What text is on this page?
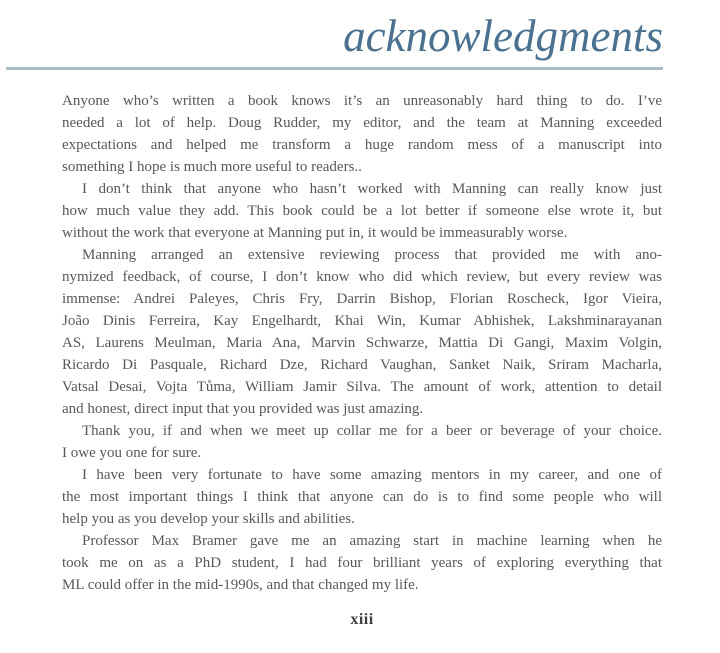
acknowledgments
Anyone who’s written a book knows it’s an unreasonably hard thing to do. I’ve
needed a lot of help. Doug Rudder, my editor, and the team at Manning exceeded
expectations and helped me transform a huge random mess of a manuscript into
something I hope is much more useful to readers..
I don’t think that anyone who hasn’t worked with Manning can really know just
how much value they add. This book could be a lot better if someone else wrote it, but
without the work that everyone at Manning put in, it would be immeasurably worse.
Manning arranged an extensive reviewing process that provided me with ano-
nymized feedback, of course, I don’t know who did which review, but every review was
immense: Andrei Paleyes, Chris Fry, Darrin Bishop, Florian Roscheck, Igor Vieira,
João Dinis Ferreira, Kay Engelhardt, Khai Win, Kumar Abhishek, Lakshminarayanan
AS, Laurens Meulman, Maria Ana, Marvin Schwarze, Mattia Di Gangi, Maxim Volgin,
Ricardo Di Pasquale, Richard Dze, Richard Vaughan, Sanket Naik, Sriram Macharla,
Vatsal Desai, Vojta Tůma, William Jamir Silva. The amount of work, attention to detail
and honest, direct input that you provided was just amazing.
Thank you, if and when we meet up collar me for a beer or beverage of your choice.
I owe you one for sure.
I have been very fortunate to have some amazing mentors in my career, and one of
the most important things I think that anyone can do is to find some people who will
help you as you develop your skills and abilities.
Professor Max Bramer gave me an amazing start in machine learning when he
took me on as a PhD student, I had four brilliant years of exploring everything that
ML could offer in the mid-1990s, and that changed my life.
xiii
